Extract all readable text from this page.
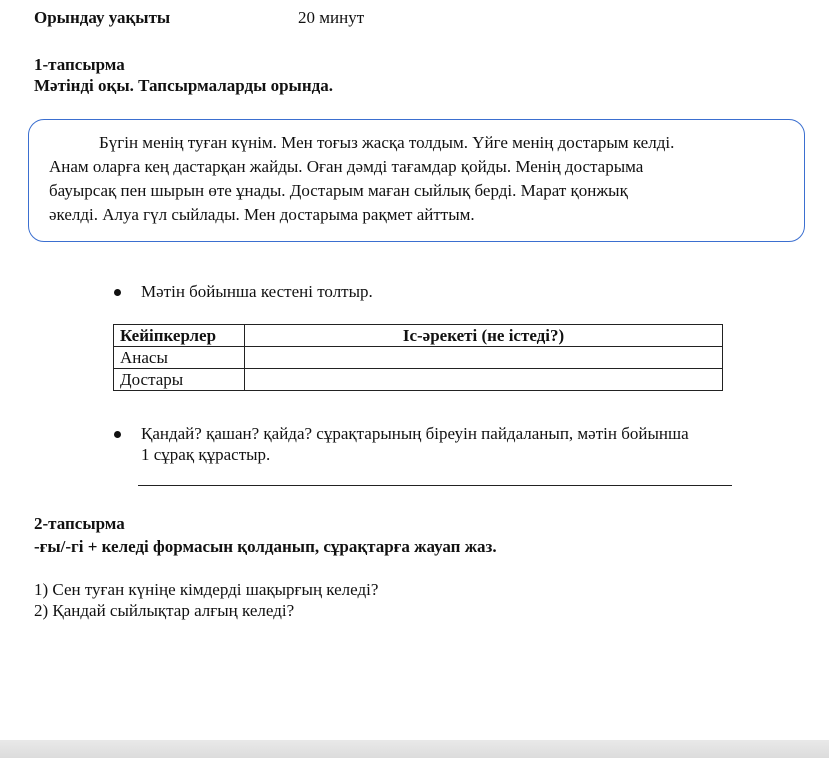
Орындау уақыты	20 минут
1-тапсырма
Мәтінді оқы. Тапсырмаларды орында.
Бүгін менің туған күнім. Мен тоғыз жасқа толдым. Үйге менің достарым келді.
Анам оларға кең дастарқан жайды. Оған дәмді тағамдар қойды. Менің достарыма
бауырсақ пен шырын өте ұнады. Достарым маған сыйлық берді. Марат қонжық
әкелді. Алуа гүл сыйлады. Мен достарыма рақмет айттым.
Мәтін бойынша кестені толтыр.
Кейіпкерлер	Іс-әрекеті (не істеді?)
Анасы	
Достары	
Қандай? қашан? қайда? сұрақтарының біреуін пайдаланып, мәтін бойынша
1 сұрақ құрастыр.
2-тапсырма
-ғы/-гі + келеді формасын қолданып, сұрақтарға жауап жаз.
1) Сен туған күніңе кімдерді шақырғың келеді?
2) Қандай сыйлықтар алғың келеді?
